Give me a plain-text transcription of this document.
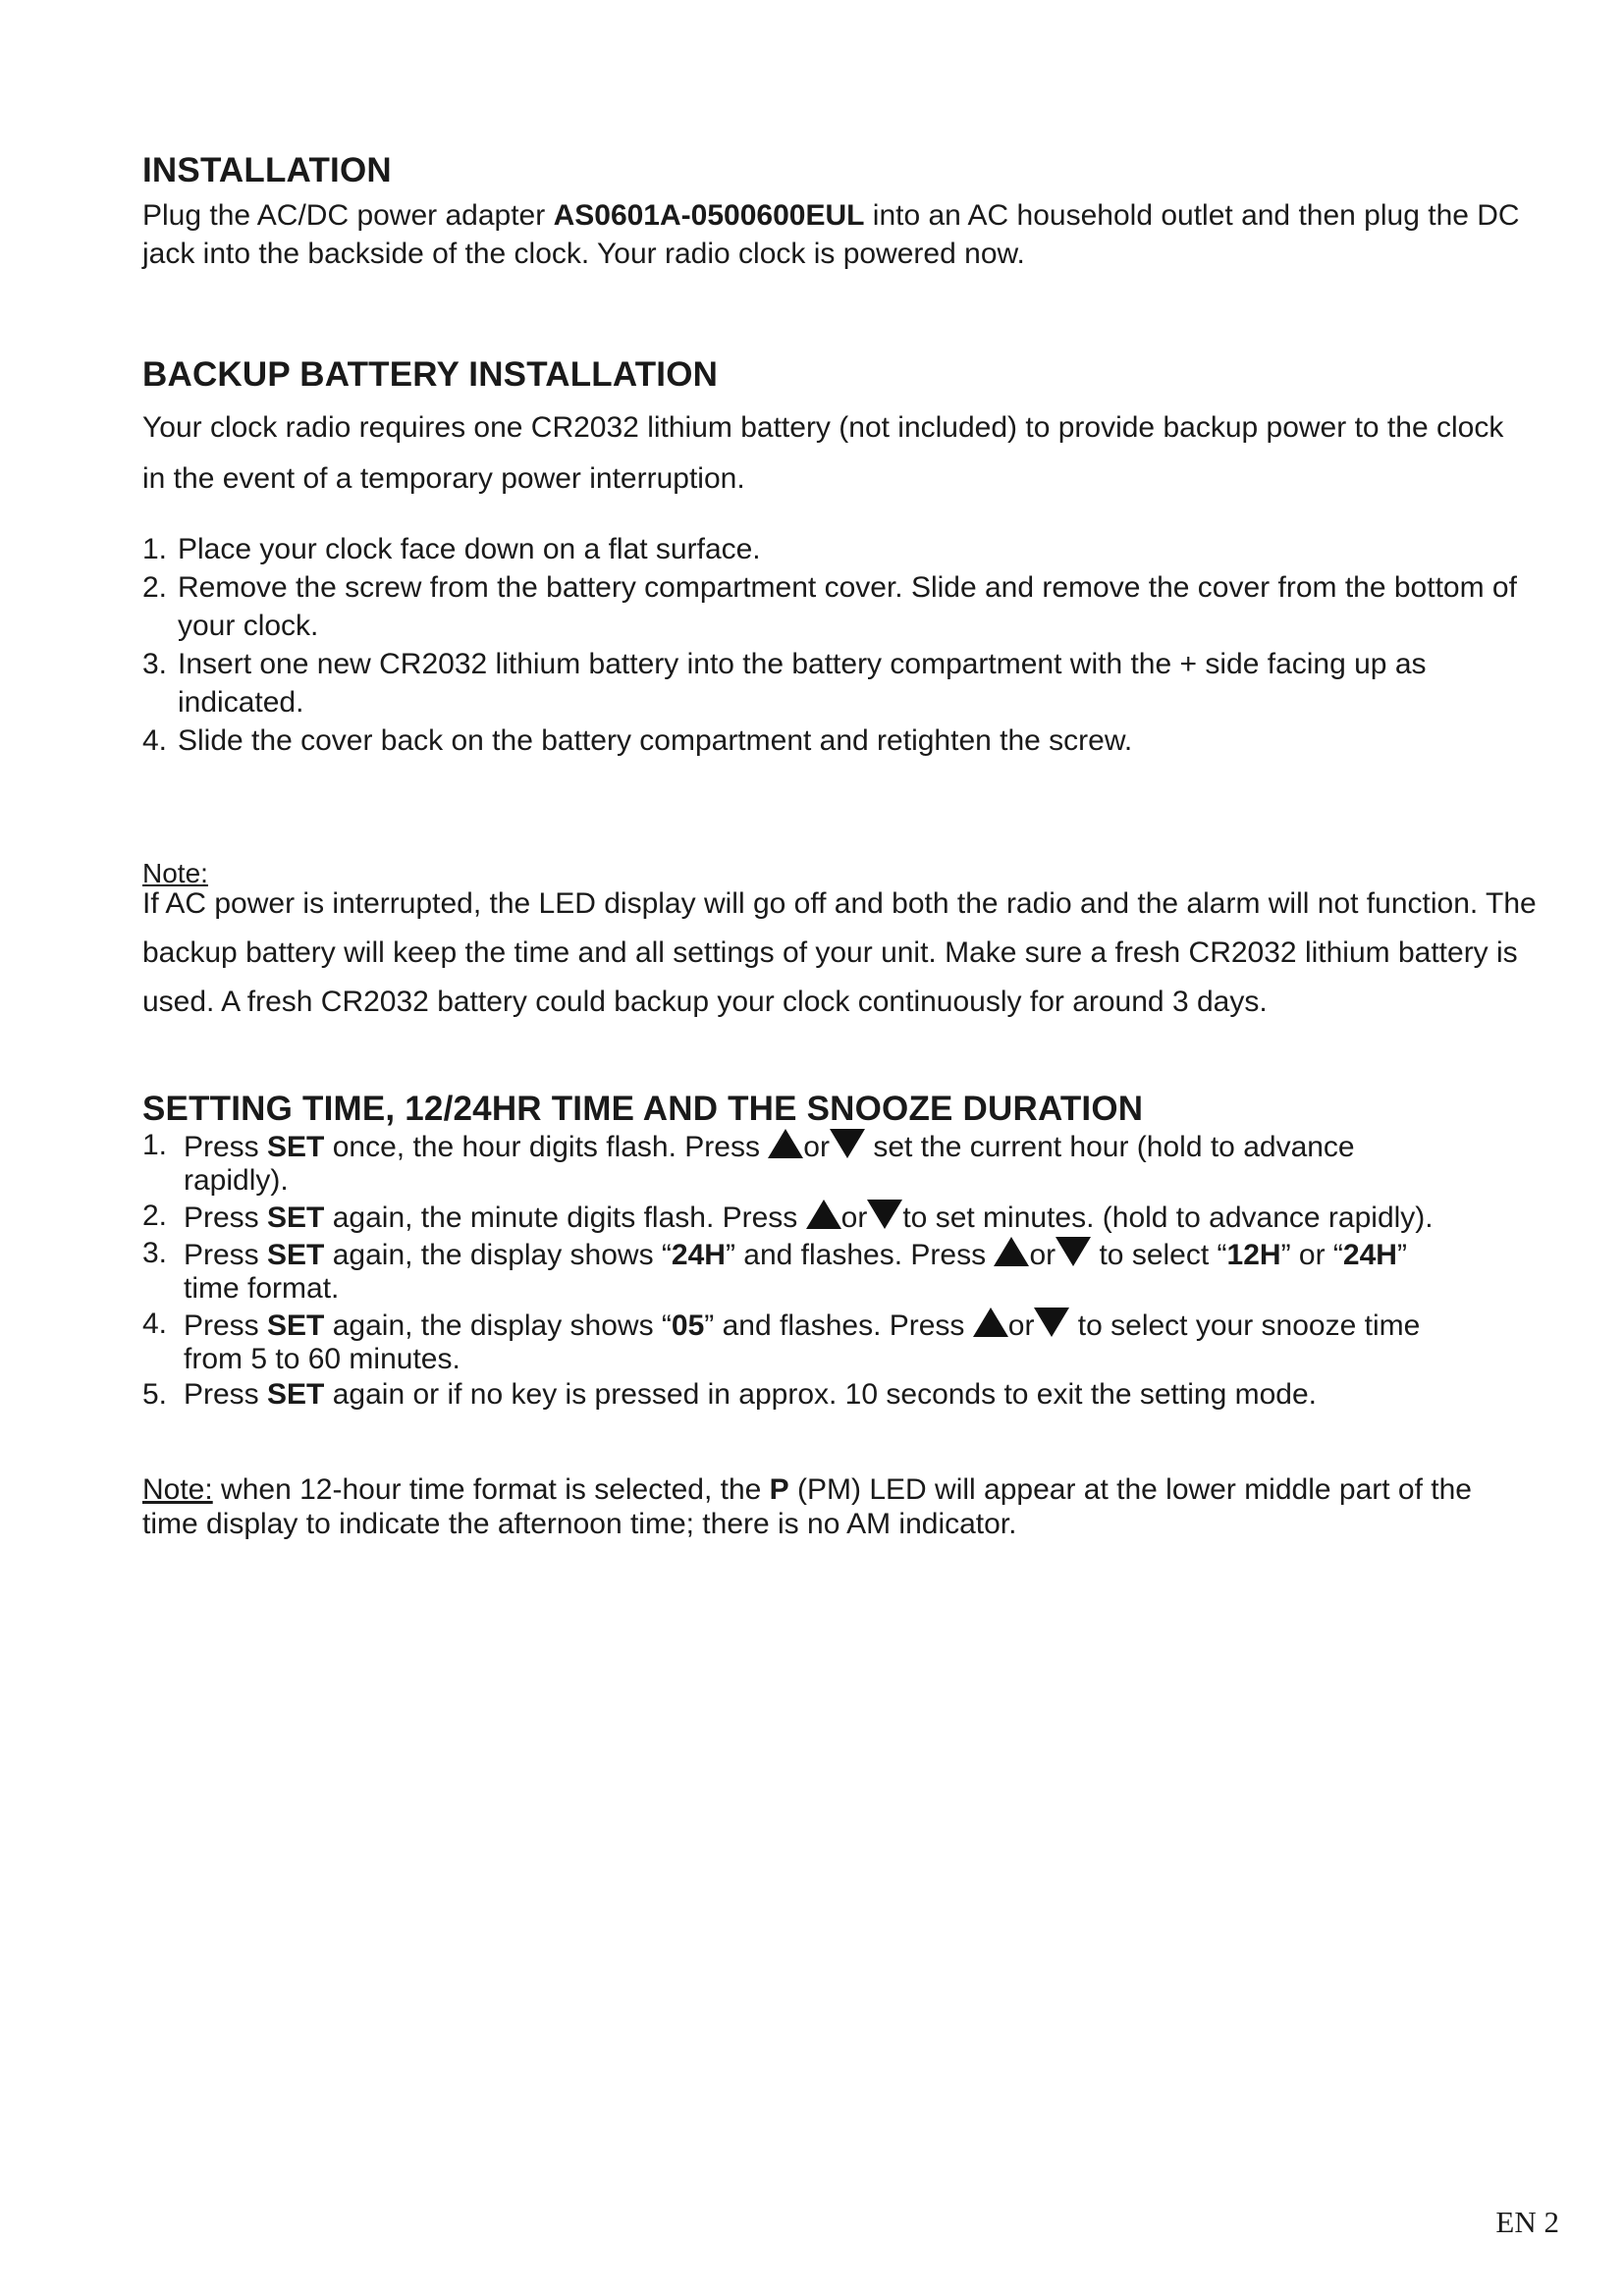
INSTALLATION

Plug the AC/DC power adapter AS0601A-0500600EUL into an AC household outlet and then plug the DC jack into the backside of the clock. Your radio clock is powered now.

BACKUP BATTERY INSTALLATION

Your clock radio requires one CR2032 lithium battery (not included) to provide backup power to the clock in the event of a temporary power interruption.

1. Place your clock face down on a flat surface.
2. Remove the screw from the battery compartment cover. Slide and remove the cover from the bottom of your clock.
3. Insert one new CR2032 lithium battery into the battery compartment with the + side facing up as indicated.
4. Slide the cover back on the battery compartment and retighten the screw.

Note:

If AC power is interrupted, the LED display will go off and both the radio and the alarm will not function. The backup battery will keep the time and all settings of your unit. Make sure a fresh CR2032 lithium battery is used. A fresh CR2032 battery could backup your clock continuously for around 3 days.

SETTING TIME, 12/24HR TIME AND THE SNOOZE DURATION
1. Press SET once, the hour digits flash. Press or set the current hour (hold to advance rapidly).
2. Press SET again, the minute digits flash. Press or to set minutes. (hold to advance rapidly).
3. Press SET again, the display shows “24H” and flashes. Press or to select “12H” or “24H” time format.
4. Press SET again, the display shows “05” and flashes. Press or to select your snooze time from 5 to 60 minutes.
5. Press SET again or if no key is pressed in approx. 10 seconds to exit the setting mode.

Note: when 12-hour time format is selected, the P (PM) LED will appear at the lower middle part of the time display to indicate the afternoon time; there is no AM indicator.

EN 2
